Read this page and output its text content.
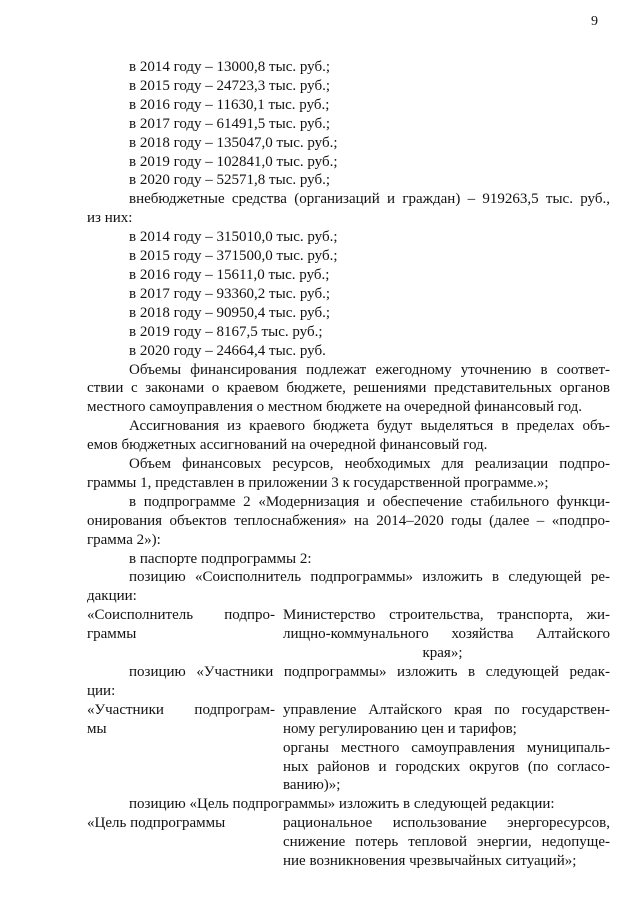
9
в 2014 году – 13000,8 тыс. руб.;
в 2015 году – 24723,3 тыс. руб.;
в 2016 году – 11630,1 тыс. руб.;
в 2017 году – 61491,5 тыс. руб.;
в 2018 году – 135047,0 тыс. руб.;
в 2019 году – 102841,0 тыс. руб.;
в 2020 году – 52571,8 тыс. руб.;
внебюджетные средства (организаций и граждан) – 919263,5 тыс. руб.,
из них:
в 2014 году – 315010,0 тыс. руб.;
в 2015 году – 371500,0 тыс. руб.;
в 2016 году – 15611,0 тыс. руб.;
в 2017 году – 93360,2 тыс. руб.;
в 2018 году – 90950,4 тыс. руб.;
в 2019 году – 8167,5 тыс. руб.;
в 2020 году – 24664,4 тыс. руб.
Объемы финансирования подлежат ежегодному уточнению в соответ-
ствии с законами о краевом бюджете, решениями представительных органов
местного самоуправления о местном бюджете на очередной финансовый год.
Ассигнования из краевого бюджета будут выделяться в пределах объ-
емов бюджетных ассигнований на очередной финансовый год.
Объем финансовых ресурсов, необходимых для реализации подпро-
граммы 1, представлен в приложении 3 к государственной программе.»;
в подпрограмме 2 «Модернизация и обеспечение стабильного функци-
онирования объектов теплоснабжения» на 2014–2020 годы (далее – «подпро-
грамма 2»):
в паспорте подпрограммы 2:
позицию «Соисполнитель подпрограммы» изложить в следующей ре-
дакции:
«Соисполнитель подпро-
граммы
Министерство строительства, транспорта, жи-
лищно-коммунального хозяйства Алтайского
края»;
позицию «Участники подпрограммы» изложить в следующей редак-
ции:
«Участники подпрограм-
мы
управление Алтайского края по государствен-
ному регулированию цен и тарифов;
органы местного самоуправления муниципаль-
ных районов и городских округов (по согласо-
ванию)»;
позицию «Цель подпрограммы» изложить в следующей редакции:
«Цель подпрограммы	рациональное использование энергоресурсов,
снижение потерь тепловой энергии, недопуще-
ние возникновения чрезвычайных ситуаций»;
